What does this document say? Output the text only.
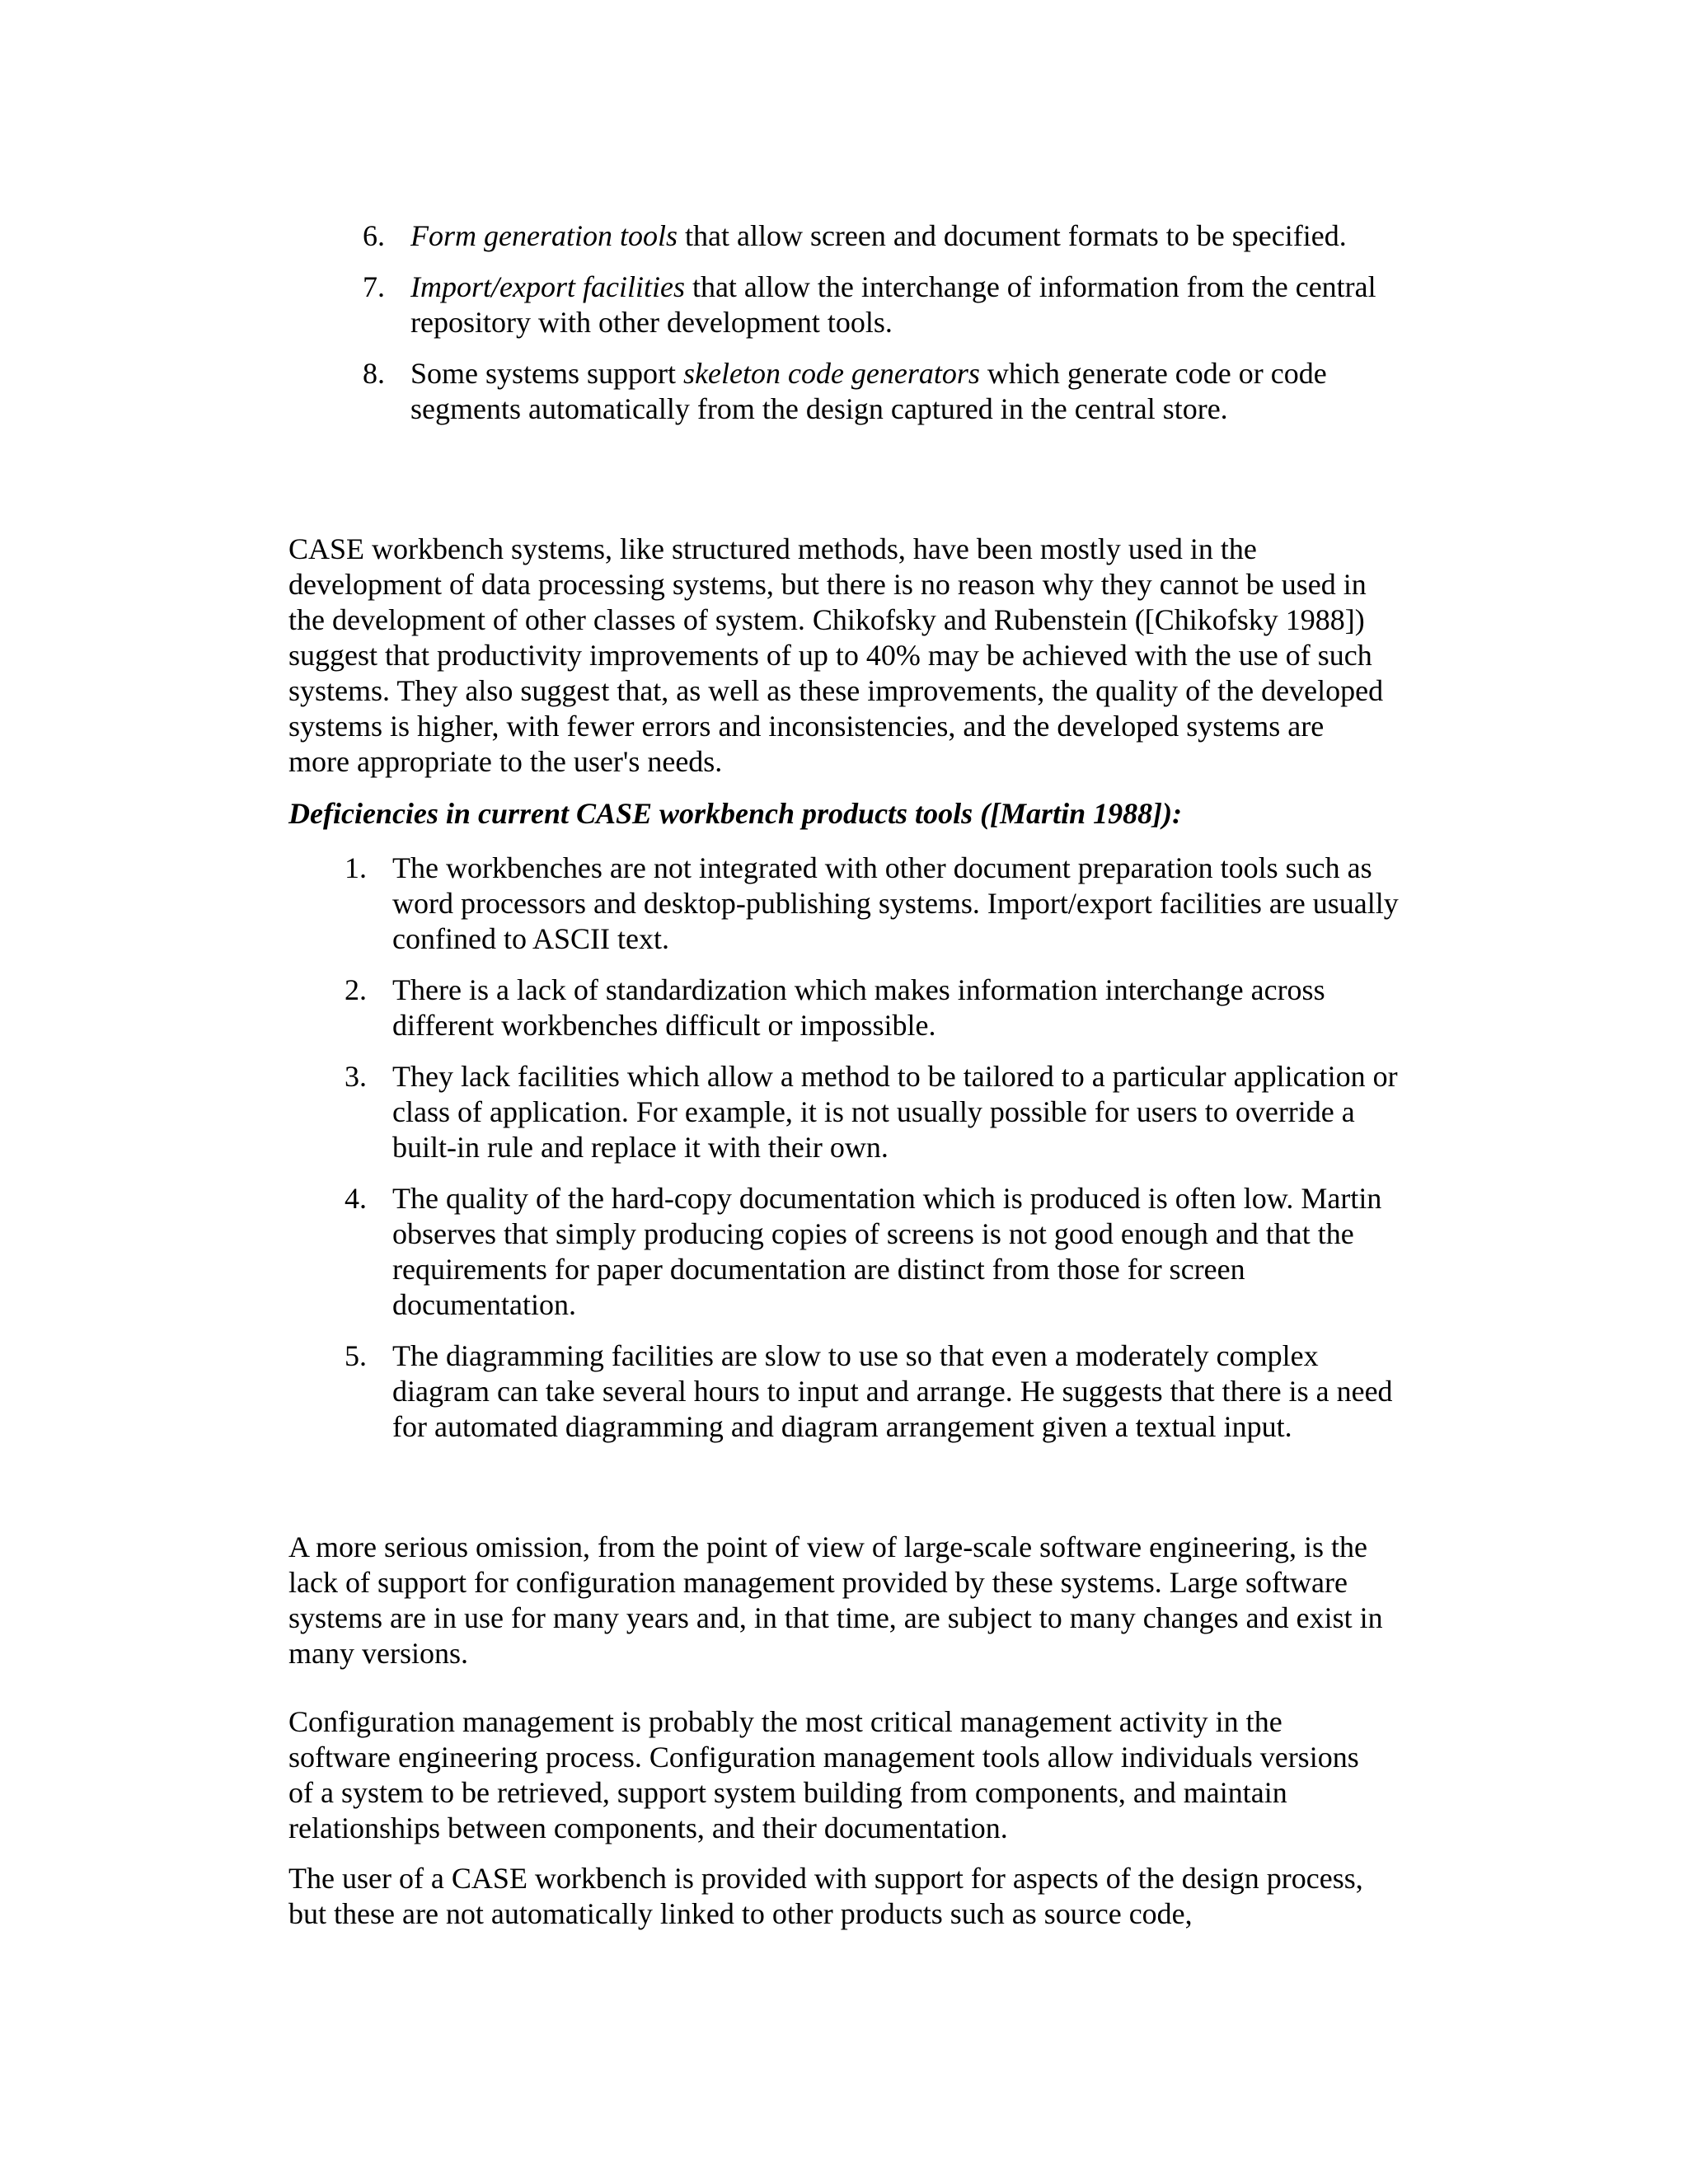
6. Form generation tools that allow screen and document formats to be specified.
7. Import/export facilities that allow the interchange of information from the central repository with other development tools.
8. Some systems support skeleton code generators which generate code or code segments automatically from the design captured in the central store.
CASE workbench systems, like structured methods, have been mostly used in the development of data processing systems, but there is no reason why they cannot be used in the development of other classes of system. Chikofsky and Rubenstein ([Chikofsky 1988]) suggest that productivity improvements of up to 40% may be achieved with the use of such systems. They also suggest that, as well as these improvements, the quality of the developed systems is higher, with fewer errors and inconsistencies, and the developed systems are more appropriate to the user's needs.
Deficiencies in current CASE workbench products tools ([Martin 1988]):
1. The workbenches are not integrated with other document preparation tools such as word processors and desktop-publishing systems. Import/export facilities are usually confined to ASCII text.
2. There is a lack of standardization which makes information interchange across different workbenches difficult or impossible.
3. They lack facilities which allow a method to be tailored to a particular application or class of application. For example, it is not usually possible for users to override a built-in rule and replace it with their own.
4. The quality of the hard-copy documentation which is produced is often low. Martin observes that simply producing copies of screens is not good enough and that the requirements for paper documentation are distinct from those for screen documentation.
5. The diagramming facilities are slow to use so that even a moderately complex diagram can take several hours to input and arrange. He suggests that there is a need for automated diagramming and diagram arrangement given a textual input.
A more serious omission, from the point of view of large-scale software engineering, is the lack of support for configuration management provided by these systems. Large software systems are in use for many years and, in that time, are subject to many changes and exist in many versions.
Configuration management is probably the most critical management activity in the software engineering process. Configuration management tools allow individuals versions of a system to be retrieved, support system building from components, and maintain relationships between components, and their documentation.
The user of a CASE workbench is provided with support for aspects of the design process, but these are not automatically linked to other products such as source code,
